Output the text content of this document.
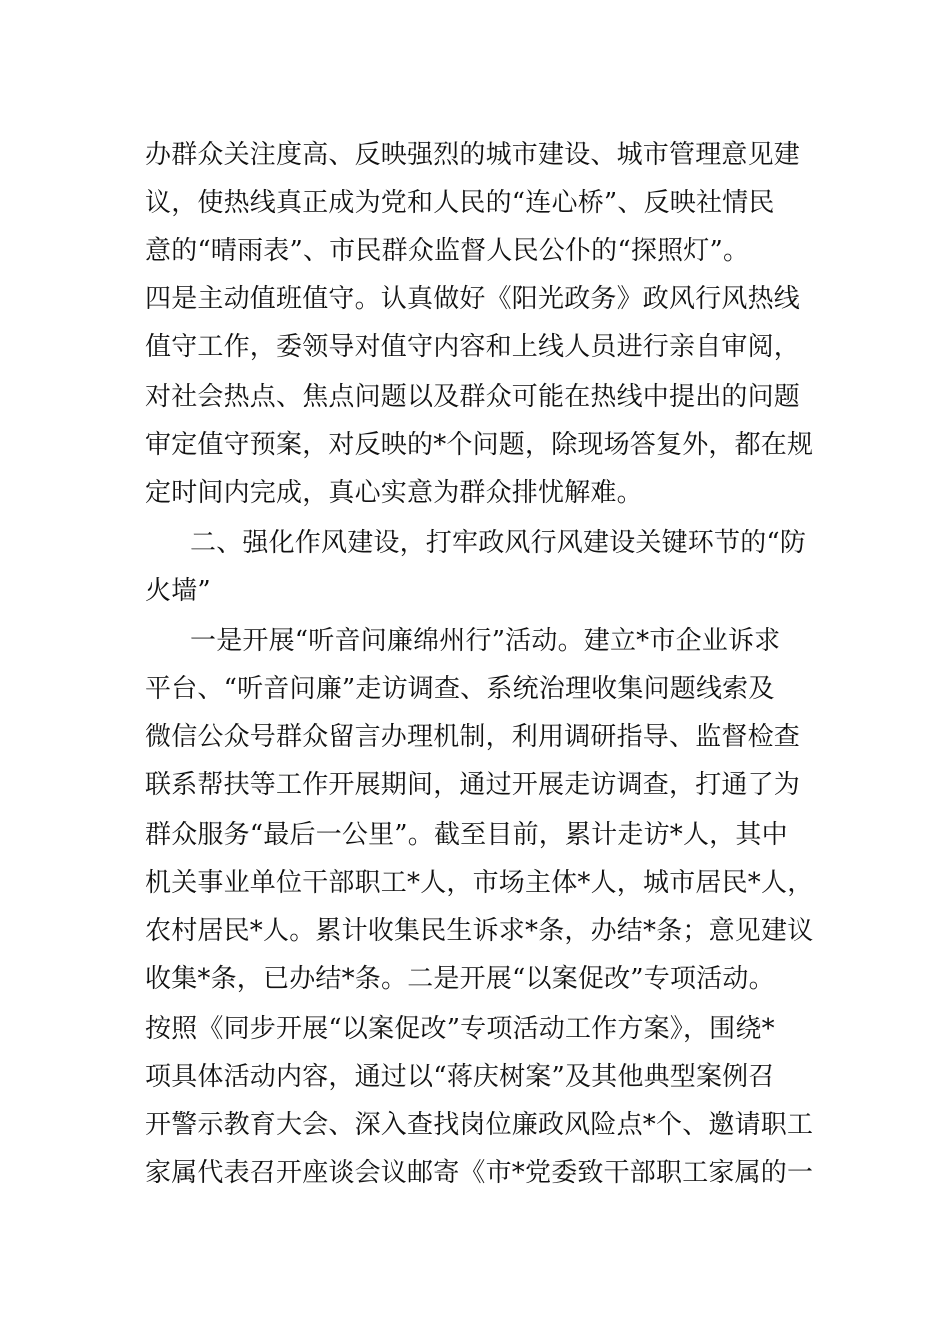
办群众关注度高、反映强烈的城市建设、城市管理意见建
议，使热线真正成为党和人民的“连心桥”、反映社情民
意的“晴雨表”、市民群众监督人民公仆的“探照灯”。
四是主动值班值守。认真做好《阳光政务》政风行风热线
值守工作，委领导对值守内容和上线人员进行亲自审阅，
对社会热点、焦点问题以及群众可能在热线中提出的问题
审定值守预案，对反映的*个问题，除现场答复外，都在规
定时间内完成，真心实意为群众排忧解难。
二、强化作风建设，打牢政风行风建设关键环节的“防
火墙”
一是开展“听音问廉绵州行”活动。建立*市企业诉求
平台、“听音问廉”走访调查、系统治理收集问题线索及
微信公众号群众留言办理机制，利用调研指导、监督检查
联系帮扶等工作开展期间，通过开展走访调查，打通了为
群众服务“最后一公里”。截至目前，累计走访*人，其中
机关事业单位干部职工*人，市场主体*人，城市居民*人，
农村居民*人。累计收集民生诉求*条，办结*条；意见建议
收集*条，已办结*条。二是开展“以案促改”专项活动。
按照《同步开展“以案促改”专项活动工作方案》，围绕*
项具体活动内容，通过以“蒋庆树案”及其他典型案例召
开警示教育大会、深入查找岗位廉政风险点*个、邀请职工
家属代表召开座谈会议邮寄《市*党委致干部职工家属的一
